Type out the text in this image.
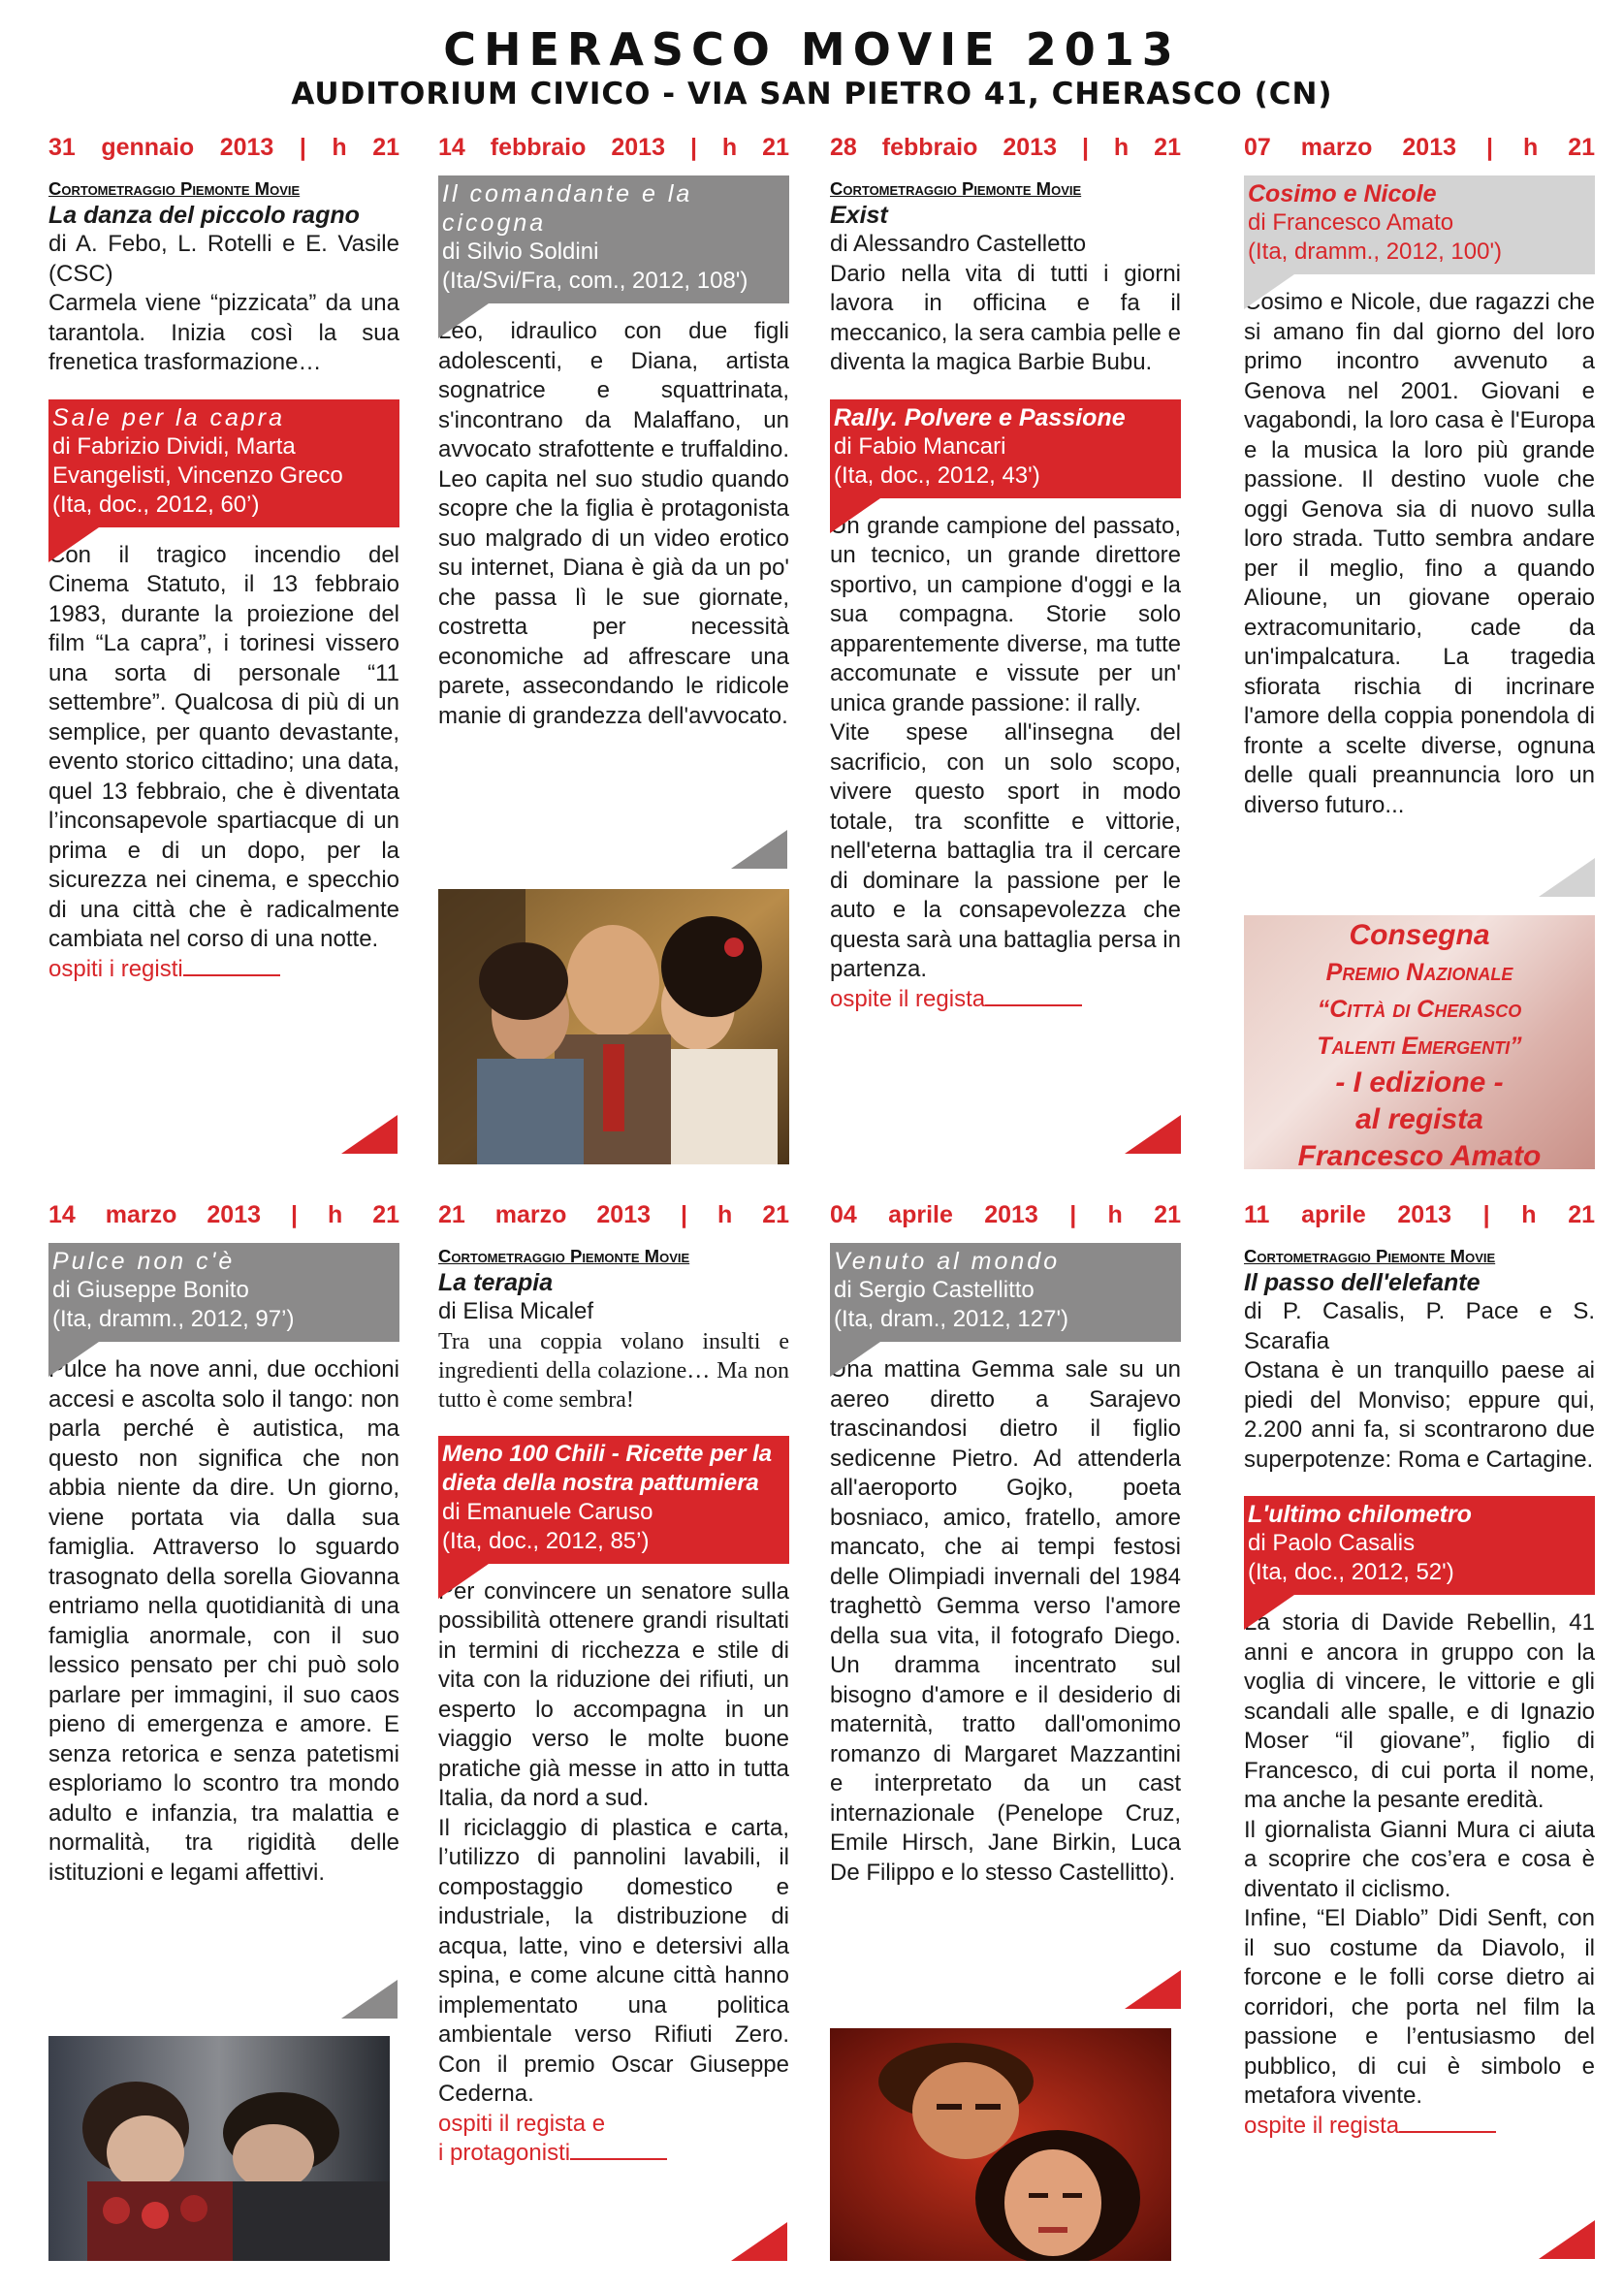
CHERASCO MOVIE 2013
AUDITORIUM CIVICO - VIA SAN PIETRO 41, CHERASCO (CN)
31 gennaio 2013 | h 21
Cortometraggio Piemonte Movie
La danza del piccolo ragno
di A. Febo, L. Rotelli e E. Vasile (CSC)
Carmela viene “pizzicata” da una tarantola. Inizia così la sua frenetica trasformazione…
Sale per la capra
di Fabrizio Dividi, Marta Evangelisti, Vincenzo Greco
(Ita, doc., 2012, 60’)
Con il tragico incendio del Cinema Statuto, il 13 febbraio 1983, durante la proiezione del film “La capra”, i torinesi vissero una sorta di personale “11 settembre”. Qualcosa di più di un semplice, per quanto devastante, evento storico cittadino; una data, quel 13 febbraio, che è diventata l’inconsapevole spartiacque di un prima e di un dopo, per la sicurezza nei cinema, e specchio di una città che è radicalmente cambiata nel corso di una notte.
ospiti i registi
14 febbraio 2013 | h 21
Il comandante e la cicogna
di Silvio Soldini
(Ita/Svi/Fra, com., 2012, 108')
Leo, idraulico con due figli adolescenti, e Diana, artista sognatrice e squattrinata, s'incontrano da Malaffano, un avvocato strafottente e truffaldino. Leo capita nel suo studio quando scopre che la figlia è protagonista suo malgrado di un video erotico su internet, Diana è già da un po' che passa lì le sue giornate, costretta per necessità economiche ad affrescare una parete, assecondando le ridicole manie di grandezza dell'avvocato.
28 febbraio 2013 | h 21
Cortometraggio Piemonte Movie
Exist
di Alessandro Castelletto
Dario nella vita di tutti i giorni lavora in officina e fa il meccanico, la sera cambia pelle e diventa la magica Barbie Bubu.
Rally. Polvere e Passione
di Fabio Mancari
(Ita, doc., 2012, 43')
Un grande campione del passato, un tecnico, un grande direttore sportivo, un campione d'oggi e la sua compagna. Storie solo apparentemente diverse, ma tutte accomunate e vissute per un' unica grande passione: il rally.
Vite spese all'insegna del sacrificio, con un solo scopo, vivere questo sport in modo totale, tra sconfitte e vittorie, nell'eterna battaglia tra il cercare di dominare la passione per le auto e la consapevolezza che questa sarà una battaglia persa in partenza.
ospite il regista
07 marzo 2013 | h 21
Cosimo e Nicole
di Francesco Amato
(Ita, dramm., 2012, 100')
Cosimo e Nicole, due ragazzi che si amano fin dal giorno del loro primo incontro avvenuto a Genova nel 2001. Giovani e vagabondi, la loro casa è l'Europa e la musica la loro più grande passione. Il destino vuole che oggi Genova sia di nuovo sulla loro strada. Tutto sembra andare per il meglio, fino a quando Alioune, un giovane operaio extracomunitario, cade da un'impalcatura. La tragedia sfiorata rischia di incrinare l'amore della coppia ponendola di fronte a scelte diverse, ognuna delle quali preannuncia loro un diverso futuro...
Consegna
Premio Nazionale
“Città di Cherasco
Talenti Emergenti”
- I edizione -
al regista
Francesco Amato
14 marzo 2013 | h 21
Pulce non c'è
di Giuseppe Bonito
(Ita, dramm., 2012, 97’)
Pulce ha nove anni, due occhioni accesi e ascolta solo il tango: non parla perché è autistica, ma questo non significa che non abbia niente da dire. Un giorno, viene portata via dalla sua famiglia. Attraverso lo sguardo trasognato della sorella Giovanna entriamo nella quotidianità di una famiglia anormale, con il suo lessico pensato per chi può solo parlare per immagini, il suo caos pieno di emergenza e amore. E senza retorica e senza patetismi esploriamo lo scontro tra mondo adulto e infanzia, tra malattia e normalità, tra rigidità delle istituzioni e legami affettivi.
21 marzo 2013 | h 21
Cortometraggio Piemonte Movie
La terapia
di Elisa Micalef
Tra una coppia volano insulti e ingredienti della colazione… Ma non tutto è come sembra!
Meno 100 Chili - Ricette per la dieta della nostra pattumiera
di Emanuele Caruso
(Ita, doc., 2012, 85’)
Per convincere un senatore sulla possibilità ottenere grandi risultati in termini di ricchezza e stile di vita con la riduzione dei rifiuti, un esperto lo accompagna in un viaggio verso le molte buone pratiche già messe in atto in tutta Italia, da nord a sud.
Il riciclaggio di plastica e carta, l’utilizzo di pannolini lavabili, il compostaggio domestico e industriale, la distribuzione di acqua, latte, vino e detersivi alla spina, e come alcune città hanno implementato una politica ambientale verso Rifiuti Zero. Con il premio Oscar Giuseppe Cederna.
ospiti il regista e
i protagonisti
04 aprile 2013 | h 21
Venuto al mondo
di Sergio Castellitto
(Ita, dram., 2012, 127')
Una mattina Gemma sale su un aereo diretto a Sarajevo trascinandosi dietro il figlio sedicenne Pietro. Ad attenderla all'aeroporto Gojko, poeta bosniaco, amico, fratello, amore mancato, che ai tempi festosi delle Olimpiadi invernali del 1984 traghettò Gemma verso l'amore della sua vita, il fotografo Diego. Un dramma incentrato sul bisogno d'amore e il desiderio di maternità, tratto dall'omonimo romanzo di Margaret Mazzantini e interpretato da un cast internazionale (Penelope Cruz, Emile Hirsch, Jane Birkin, Luca De Filippo e lo stesso Castellitto).
11 aprile 2013 | h 21
Cortometraggio Piemonte Movie
Il passo dell'elefante
di P. Casalis, P. Pace e S. Scarafia
Ostana è un tranquillo paese ai piedi del Monviso; eppure qui, 2.200 anni fa, si scontrarono due superpotenze: Roma e Cartagine.
L'ultimo chilometro
di Paolo Casalis
(Ita, doc., 2012, 52')
La storia di Davide Rebellin, 41 anni e ancora in gruppo con la voglia di vincere, le vittorie e gli scandali alle spalle, e di Ignazio Moser “il giovane”, figlio di Francesco, di cui porta il nome, ma anche la pesante eredità.
Il giornalista Gianni Mura ci aiuta a scoprire che cos’era e cosa è diventato il ciclismo.
Infine, “El Diablo” Didi Senft, con il suo costume da Diavolo, il forcone e le folli corse dietro ai corridori, che porta nel film la passione e l’entusiasmo del pubblico, di cui è simbolo e metafora vivente.
ospite il regista
